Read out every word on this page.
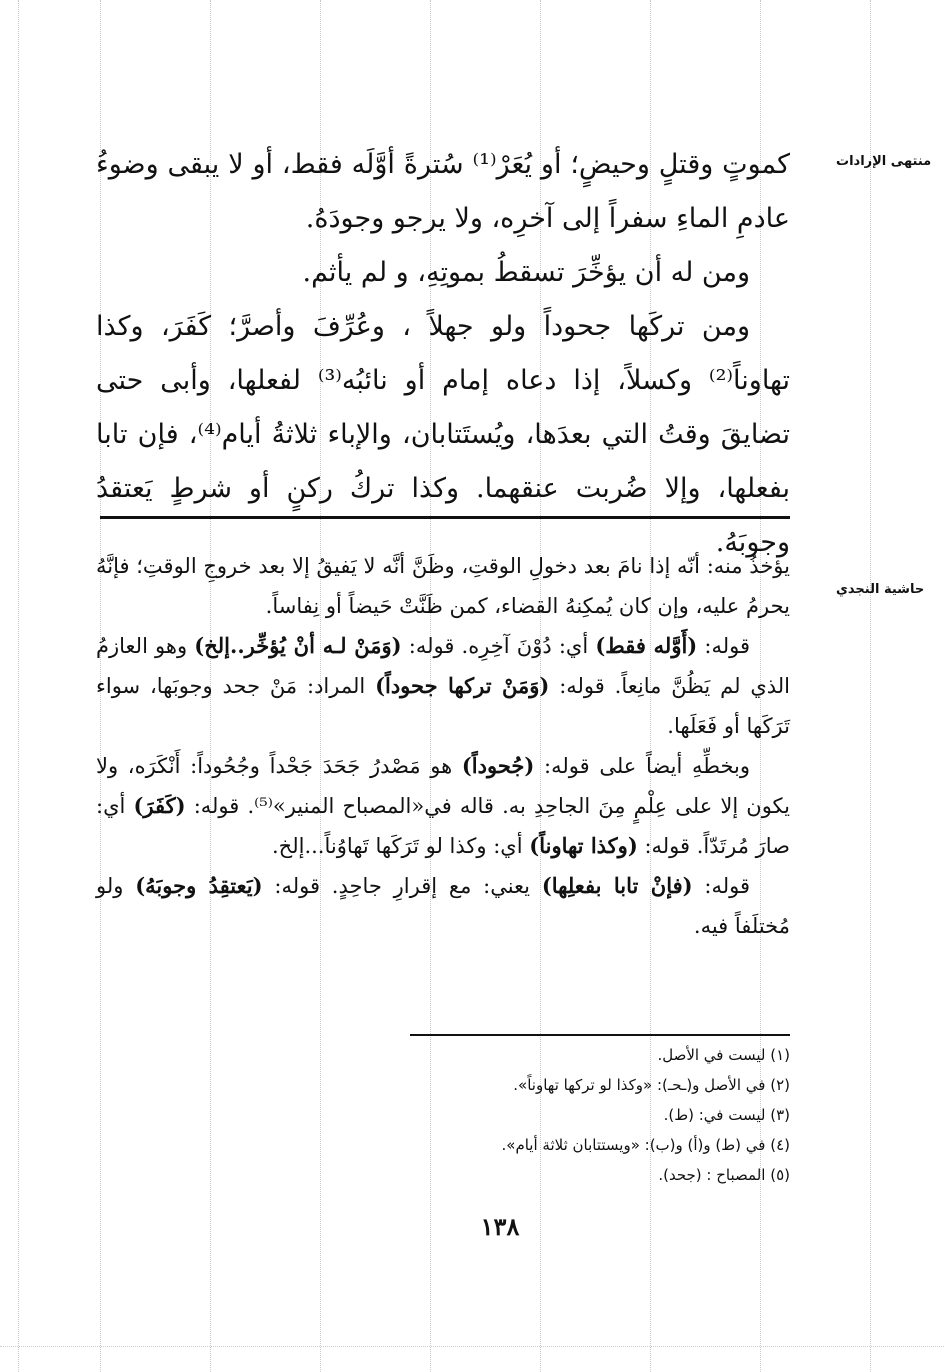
منتهى الإرادات
حاشية النجدي

كموتٍ وقتلٍ وحيضٍ؛ أو يُعَرْ⁽¹⁾ سُترةً أوَّلَه فقط، أو لا يبقى وضوءُ عادمِ الماءِ سفراً إلى آخرِه، ولا يرجو وجودَهُ.

ومن له أن يؤخِّرَ تسقطُ بموتِهِ، و لم يأثم.

ومن تركَها جحوداً ولو جهلاً ، وعُرِّفَ وأصرَّ؛ كَفَرَ، وكذا تهاوناً⁽²⁾ وكسلاً، إذا دعاه إمام أو نائبُه⁽³⁾ لفعلها، وأبى حتى تضايقَ وقتُ التي بعدَها، ويُستَتابان، والإباء ثلاثةُ أيام⁽⁴⁾، فإن تابا بفعلها، وإلا ضُربت عنقهما. وكذا تركُ ركنٍ أو شرطٍ يَعتقدُ وجوبَهُ.

يؤخذُ منه: أنّه إذا نامَ بعد دخولِ الوقتِ، وظَنَّ أنَّه لا يَفيقُ إلا بعد خروجِ الوقتِ؛ فإنَّهُ يحرمُ عليه، وإن كان يُمكِنهُ القضاء، كمن ظَنَّتْ حَيضاً أو نِفاساً.

قوله: (أَوَّله فقط) أي: دُوْنَ آخِرِه. قوله: (وَمَنْ لـه أنْ يُؤخِّر..إلخ) وهو العازمُ الذي لم يَظُنَّ مانِعاً. قوله: (وَمَنْ تركها جحوداً) المراد: مَنْ جحد وجوبَها، سواء تَرَكَها أو فَعَلَها.

وبخطِّهِ أيضاً على قوله: (جُحوداً) هو مَصْدرُ جَحَدَ جَحْداً وجُحُوداً: أَنْكَرَه، ولا يكون إلا على عِلْمٍ مِنَ الجاحِدِ به. قاله في«المصباح المنير»⁽⁵⁾. قوله: (كَفَرَ) أي: صارَ مُرتَدّاً. قوله: (وكذا تهاوناً) أي: وكذا لو تَرَكَها تَهاوُناً...إلخ.

قوله: (فإنْ تابا بفعلِها) يعني: مع إقرارِ جاحِدٍ. قوله: (يَعتقِدُ وجوبَهُ) ولو مُختلَفاً فيه.

(١) ليست في الأصل.
(٢) في الأصل و(ـحـ): «وكذا لو تركها تهاوناً».
(٣) ليست في: (ط).
(٤) في (ط) و(أ) و(ب): «ويستتابان ثلاثة أيام».
(٥) المصباح : (جحد).
١٣٨
